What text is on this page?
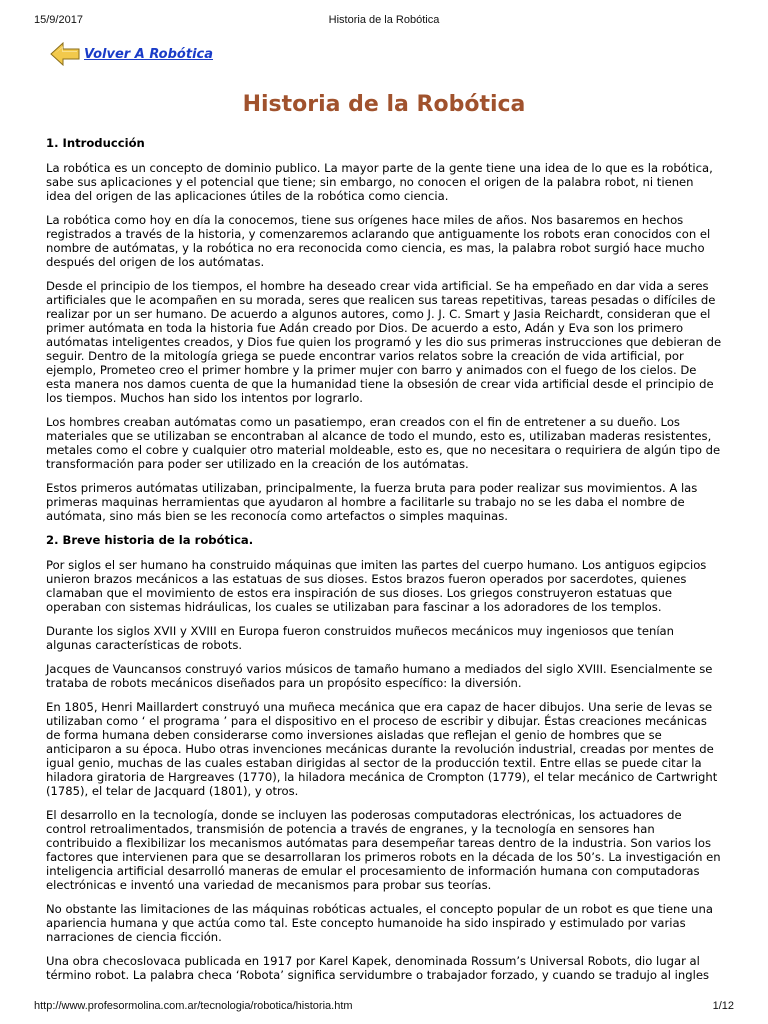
15/9/2017	Historia de la Robótica
Volver A Robótica
Historia de la Robótica
1. Introducción

La robótica es un concepto de dominio publico. La mayor parte de la gente tiene una idea de lo que es la robótica, sabe sus aplicaciones y el potencial que tiene; sin embargo, no conocen el origen de la palabra robot, ni tienen idea del origen de las aplicaciones útiles de la robótica como ciencia.

La robótica como hoy en día la conocemos, tiene sus orígenes hace miles de años. Nos basaremos en hechos registrados a través de la historia, y comenzaremos aclarando que antiguamente los robots eran conocidos con el nombre de autómatas, y la robótica no era reconocida como ciencia, es mas, la palabra robot surgió hace mucho después del origen de los autómatas.

Desde el principio de los tiempos, el hombre ha deseado crear vida artificial. Se ha empeñado en dar vida a seres artificiales que le acompañen en su morada, seres que realicen sus tareas repetitivas, tareas pesadas o difíciles de realizar por un ser humano. De acuerdo a algunos autores, como J. J. C. Smart y Jasia Reichardt, consideran que el primer autómata en toda la historia fue Adán creado por Dios. De acuerdo a esto, Adán y Eva son los primero autómatas inteligentes creados, y Dios fue quien los programó y les dio sus primeras instrucciones que debieran de seguir. Dentro de la mitología griega se puede encontrar varios relatos sobre la creación de vida artificial, por ejemplo, Prometeo creo el primer hombre y la primer mujer con barro y animados con el fuego de los cielos. De esta manera nos damos cuenta de que la humanidad tiene la obsesión de crear vida artificial desde el principio de los tiempos. Muchos han sido los intentos por lograrlo.

Los hombres creaban autómatas como un pasatiempo, eran creados con el fin de entretener a su dueño. Los materiales que se utilizaban se encontraban al alcance de todo el mundo, esto es, utilizaban maderas resistentes, metales como el cobre y cualquier otro material moldeable, esto es, que no necesitara o requiriera de algún tipo de transformación para poder ser utilizado en la creación de los autómatas.

Estos primeros autómatas utilizaban, principalmente, la fuerza bruta para poder realizar sus movimientos. A las primeras maquinas herramientas que ayudaron al hombre a facilitarle su trabajo no se les daba el nombre de autómata, sino más bien se les reconocía como artefactos o simples maquinas.

2. Breve historia de la robótica.

Por siglos el ser humano ha construido máquinas que imiten las partes del cuerpo humano. Los antiguos egipcios unieron brazos mecánicos a las estatuas de sus dioses. Estos brazos fueron operados por sacerdotes, quienes clamaban que el movimiento de estos era inspiración de sus dioses. Los griegos construyeron estatuas que operaban con sistemas hidráulicas, los cuales se utilizaban para fascinar a los adoradores de los templos.

Durante los siglos XVII y XVIII en Europa fueron construidos muñecos mecánicos muy ingeniosos que tenían algunas características de robots.

Jacques de Vauncansos construyó varios músicos de tamaño humano a mediados del siglo XVIII. Esencialmente se trataba de robots mecánicos diseñados para un propósito específico: la diversión.

En 1805, Henri Maillardert construyó una muñeca mecánica que era capaz de hacer dibujos. Una serie de levas se utilizaban como ‘ el programa ’ para el dispositivo en el proceso de escribir y dibujar. Éstas creaciones mecánicas de forma humana deben considerarse como inversiones aisladas que reflejan el genio de hombres que se anticiparon a su época. Hubo otras invenciones mecánicas durante la revolución industrial, creadas por mentes de igual genio, muchas de las cuales estaban dirigidas al sector de la producción textil. Entre ellas se puede citar la hiladora giratoria de Hargreaves (1770), la hiladora mecánica de Crompton (1779), el telar mecánico de Cartwright (1785), el telar de Jacquard (1801), y otros.

El desarrollo en la tecnología, donde se incluyen las poderosas computadoras electrónicas, los actuadores de control retroalimentados, transmisión de potencia a través de engranes, y la tecnología en sensores han contribuido a flexibilizar los mecanismos autómatas para desempeñar tareas dentro de la industria. Son varios los factores que intervienen para que se desarrollaran los primeros robots en la década de los 50’s. La investigación en inteligencia artificial desarrolló maneras de emular el procesamiento de información humana con computadoras electrónicas e inventó una variedad de mecanismos para probar sus teorías.

No obstante las limitaciones de las máquinas robóticas actuales, el concepto popular de un robot es que tiene una apariencia humana y que actúa como tal. Este concepto humanoide ha sido inspirado y estimulado por varias narraciones de ciencia ficción.

Una obra checoslovaca publicada en 1917 por Karel Kapek, denominada Rossum’s Universal Robots, dio lugar al término robot. La palabra checa ‘Robota’ significa servidumbre o trabajador forzado, y cuando se tradujo al ingles

http://www.profesormolina.com.ar/tecnologia/robotica/historia.htm	1/12
